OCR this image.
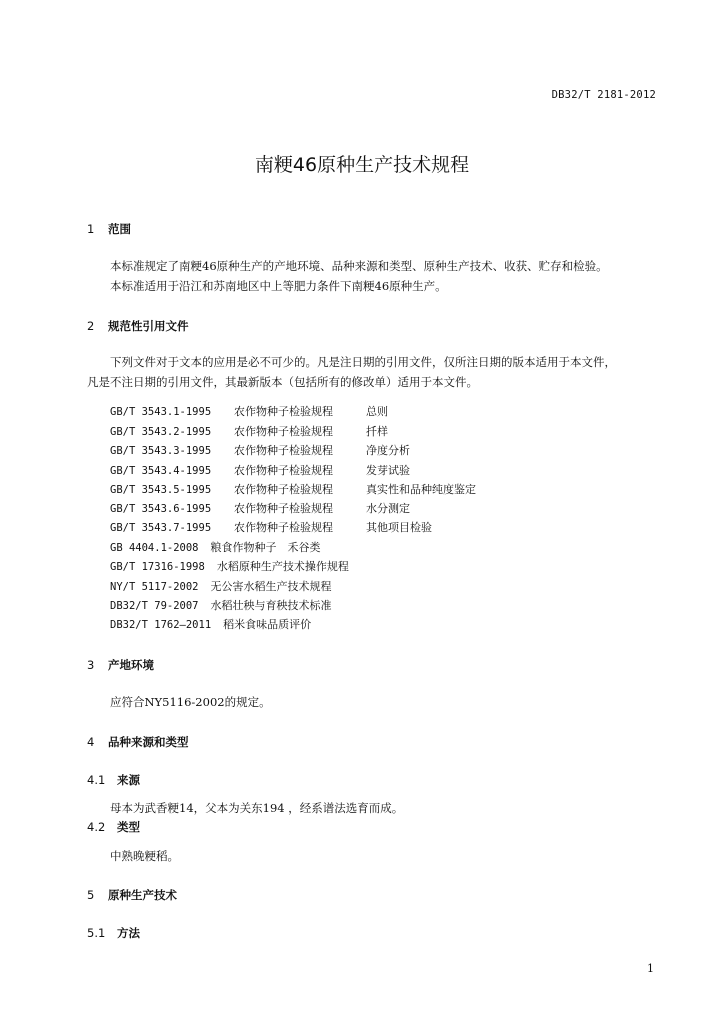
DB32/T 2181-2012
南粳46原种生产技术规程
1 范围
本标准规定了南粳46原种生产的产地环境、品种来源和类型、原种生产技术、收获、贮存和检验。
本标准适用于沿江和苏南地区中上等肥力条件下南粳46原种生产。
2 规范性引用文件
下列文件对于文本的应用是必不可少的。凡是注日期的引用文件，仅所注日期的版本适用于本文件，
凡是不注日期的引用文件，其最新版本（包括所有的修改单）适用于本文件。
GB/T 3543.1-1995 农作物种子检验规程	总则
GB/T 3543.2-1995 农作物种子检验规程	扦样
GB/T 3543.3-1995 农作物种子检验规程	净度分析
GB/T 3543.4-1995 农作物种子检验规程	发芽试验
GB/T 3543.5-1995 农作物种子检验规程	真实性和品种纯度鉴定
GB/T 3543.6-1995 农作物种子检验规程	水分测定
GB/T 3543.7-1995 农作物种子检验规程	其他项目检验
GB 4404.1-2008 粮食作物种子　禾谷类
GB/T 17316-1998 水稻原种生产技术操作规程
NY/T 5117-2002 无公害水稻生产技术规程
DB32/T 79-2007 水稻壮秧与育秧技术标准
DB32/T 1762—2011 稻米食味品质评价
3 产地环境
应符合NY5116-2002的规定。
4 品种来源和类型
4.1 来源
母本为武香粳14，父本为关东194 ，经系谱法选育而成。
4.2 类型
中熟晚粳稻。
5 原种生产技术
5.1 方法
1
